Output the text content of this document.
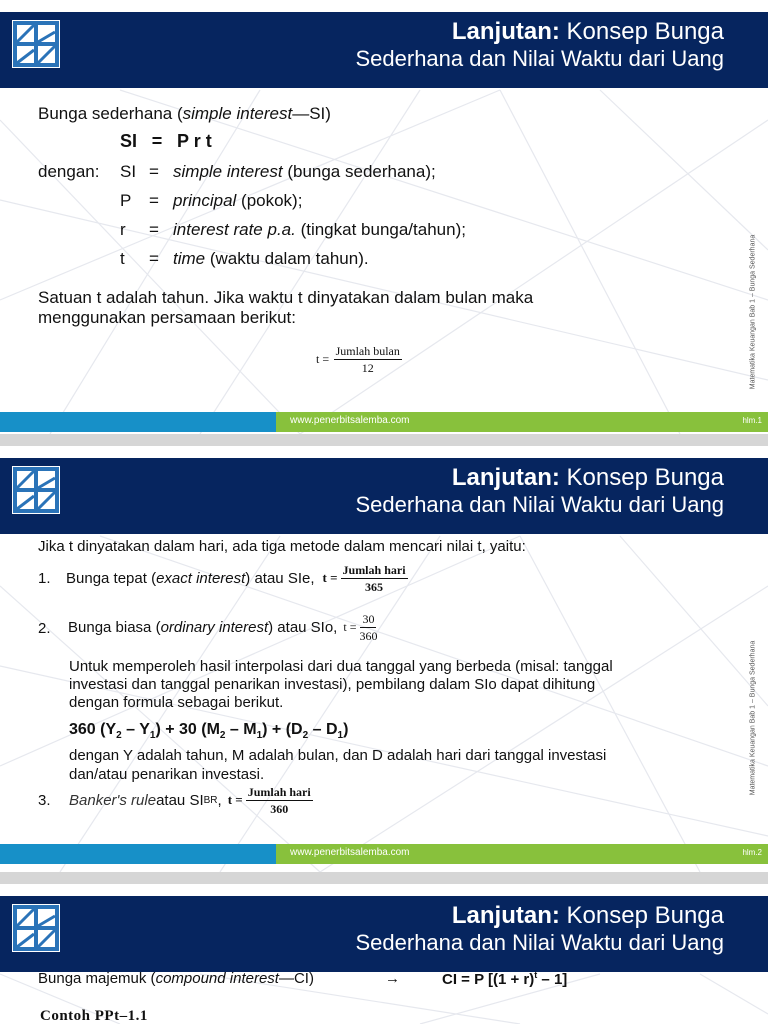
Lanjutan: Konsep Bunga
Sederhana dan Nilai Waktu dari Uang
Bunga sederhana (simple interest—SI)
SI = P r t
dengan: SI = simple interest (bunga sederhana);
P = principal (pokok);
r = interest rate p.a. (tingkat bunga/tahun);
t = time (waktu dalam tahun).
Satuan t adalah tahun. Jika waktu t dinyatakan dalam bulan maka
menggunakan persamaan berikut:
$t = \frac{\text{Jumlah bulan}}{12}$	Matematika Keuangan Bab 1 – Bunga Sederhana
www.penerbitsalemba.com	hlm.1
Lanjutan: Konsep Bunga
Sederhana dan Nilai Waktu dari Uang
Jika t dinyatakan dalam hari, ada tiga metode dalam mencari nilai t, yaitu:
1. Bunga tepat ( exact interest ) atau SIe, $t = \frac{\text{Jumlah hari}}{365}$
2. Bunga biasa ( ordinary interest ) atau SIo, $t = \frac{30}{360}$
Untuk memperoleh hasil interpolasi dari dua tanggal yang berbeda (misal: tanggal
investasi dan tanggal penarikan investasi), pembilang dalam SIo dapat dihitung
dengan formula sebagai berikut.
360 $(Y_2 - Y_1) + 30$ $(M_2 - M_1) + (D_2 - D_1)$
dengan Y adalah tahun, M adalah bulan, dan D adalah hari dari tanggal investasi
dan/atau penarikan investasi.
3. Banker's rule atau SI BR , $t = \frac{\text{Jumlah hari}}{360}$
Matematika Keuangan Bab 1 – Bunga Sederhana
www.penerbitsalemba.com	hlm.2
Lanjutan: Konsep Bunga
Sederhana dan Nilai Waktu dari Uang
Bunga majemuk (compound interest—CI)	→	CI = P $[(1 + r)^t - 1]$
Contoh PPt–1.1
